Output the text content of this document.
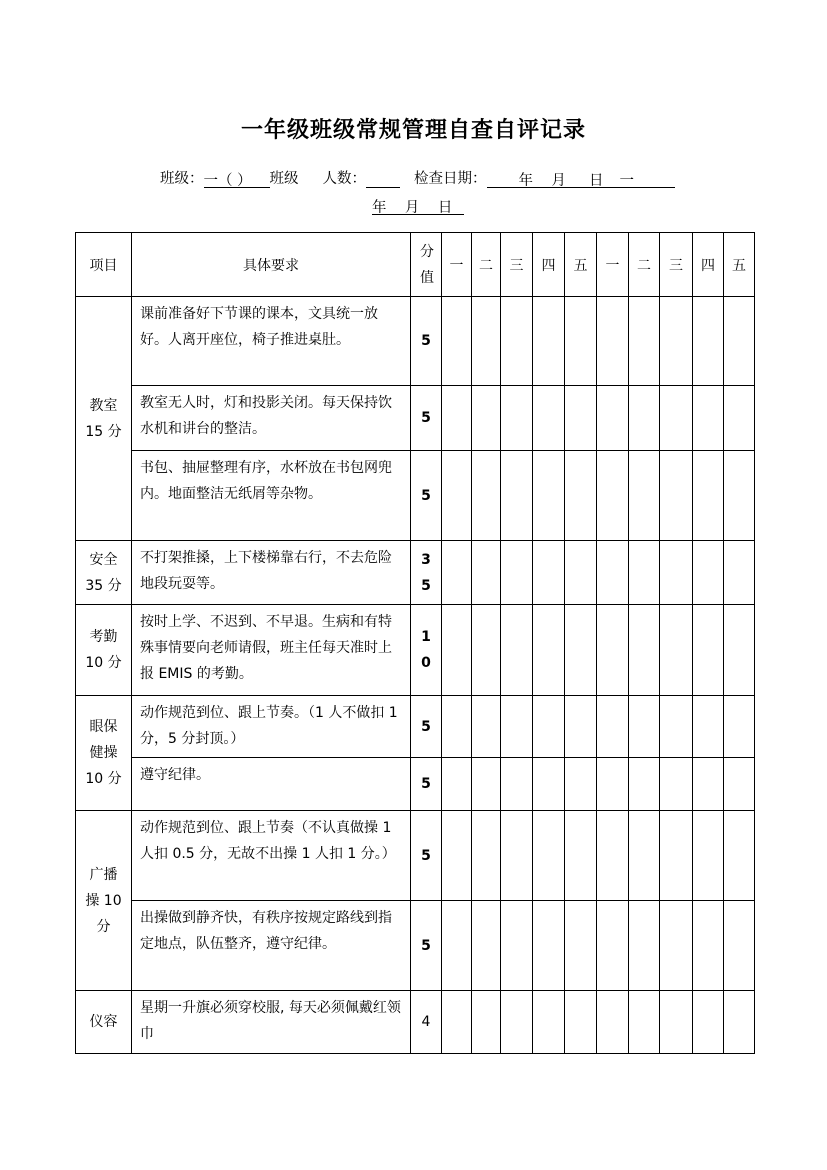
一年级班级常规管理自查自评记录
班级：一（ ） 班级 人数：	检查日期： 年    月     日 一
年    月    日
项目	具体要求	分值	一	二	三	四	五	一	二	三	四	五
教室
15 分	课前准备好下节课的课本，文具统一放好。人离开座位，椅子推进桌肚。	5										
	教室无人时，灯和投影关闭。每天保持饮水机和讲台的整洁。	5										
	书包、抽屉整理有序，水杯放在书包网兜内。地面整洁无纸屑等杂物。	5										
安全
35 分	不打架推搡，上下楼梯靠右行，不去危险地段玩耍等。	35										
考勤
10 分	按时上学、不迟到、不早退。生病和有特殊事情要向老师请假，班主任每天准时上报 EMIS 的考勤。	10										
眼保
健操
10 分	动作规范到位、跟上节奏。（1 人不做扣 1 分，5 分封顶。）	5										
	遵守纪律。	5										
广播
操 10
分	动作规范到位、跟上节奏（不认真做操 1 人扣 0.5 分，无故不出操 1 人扣 1 分。）	5										
	出操做到静齐快，有秩序按规定路线到指定地点，队伍整齐，遵守纪律。	5										
仪容	星期一升旗必须穿校服, 每天必须佩戴红领巾	4										
